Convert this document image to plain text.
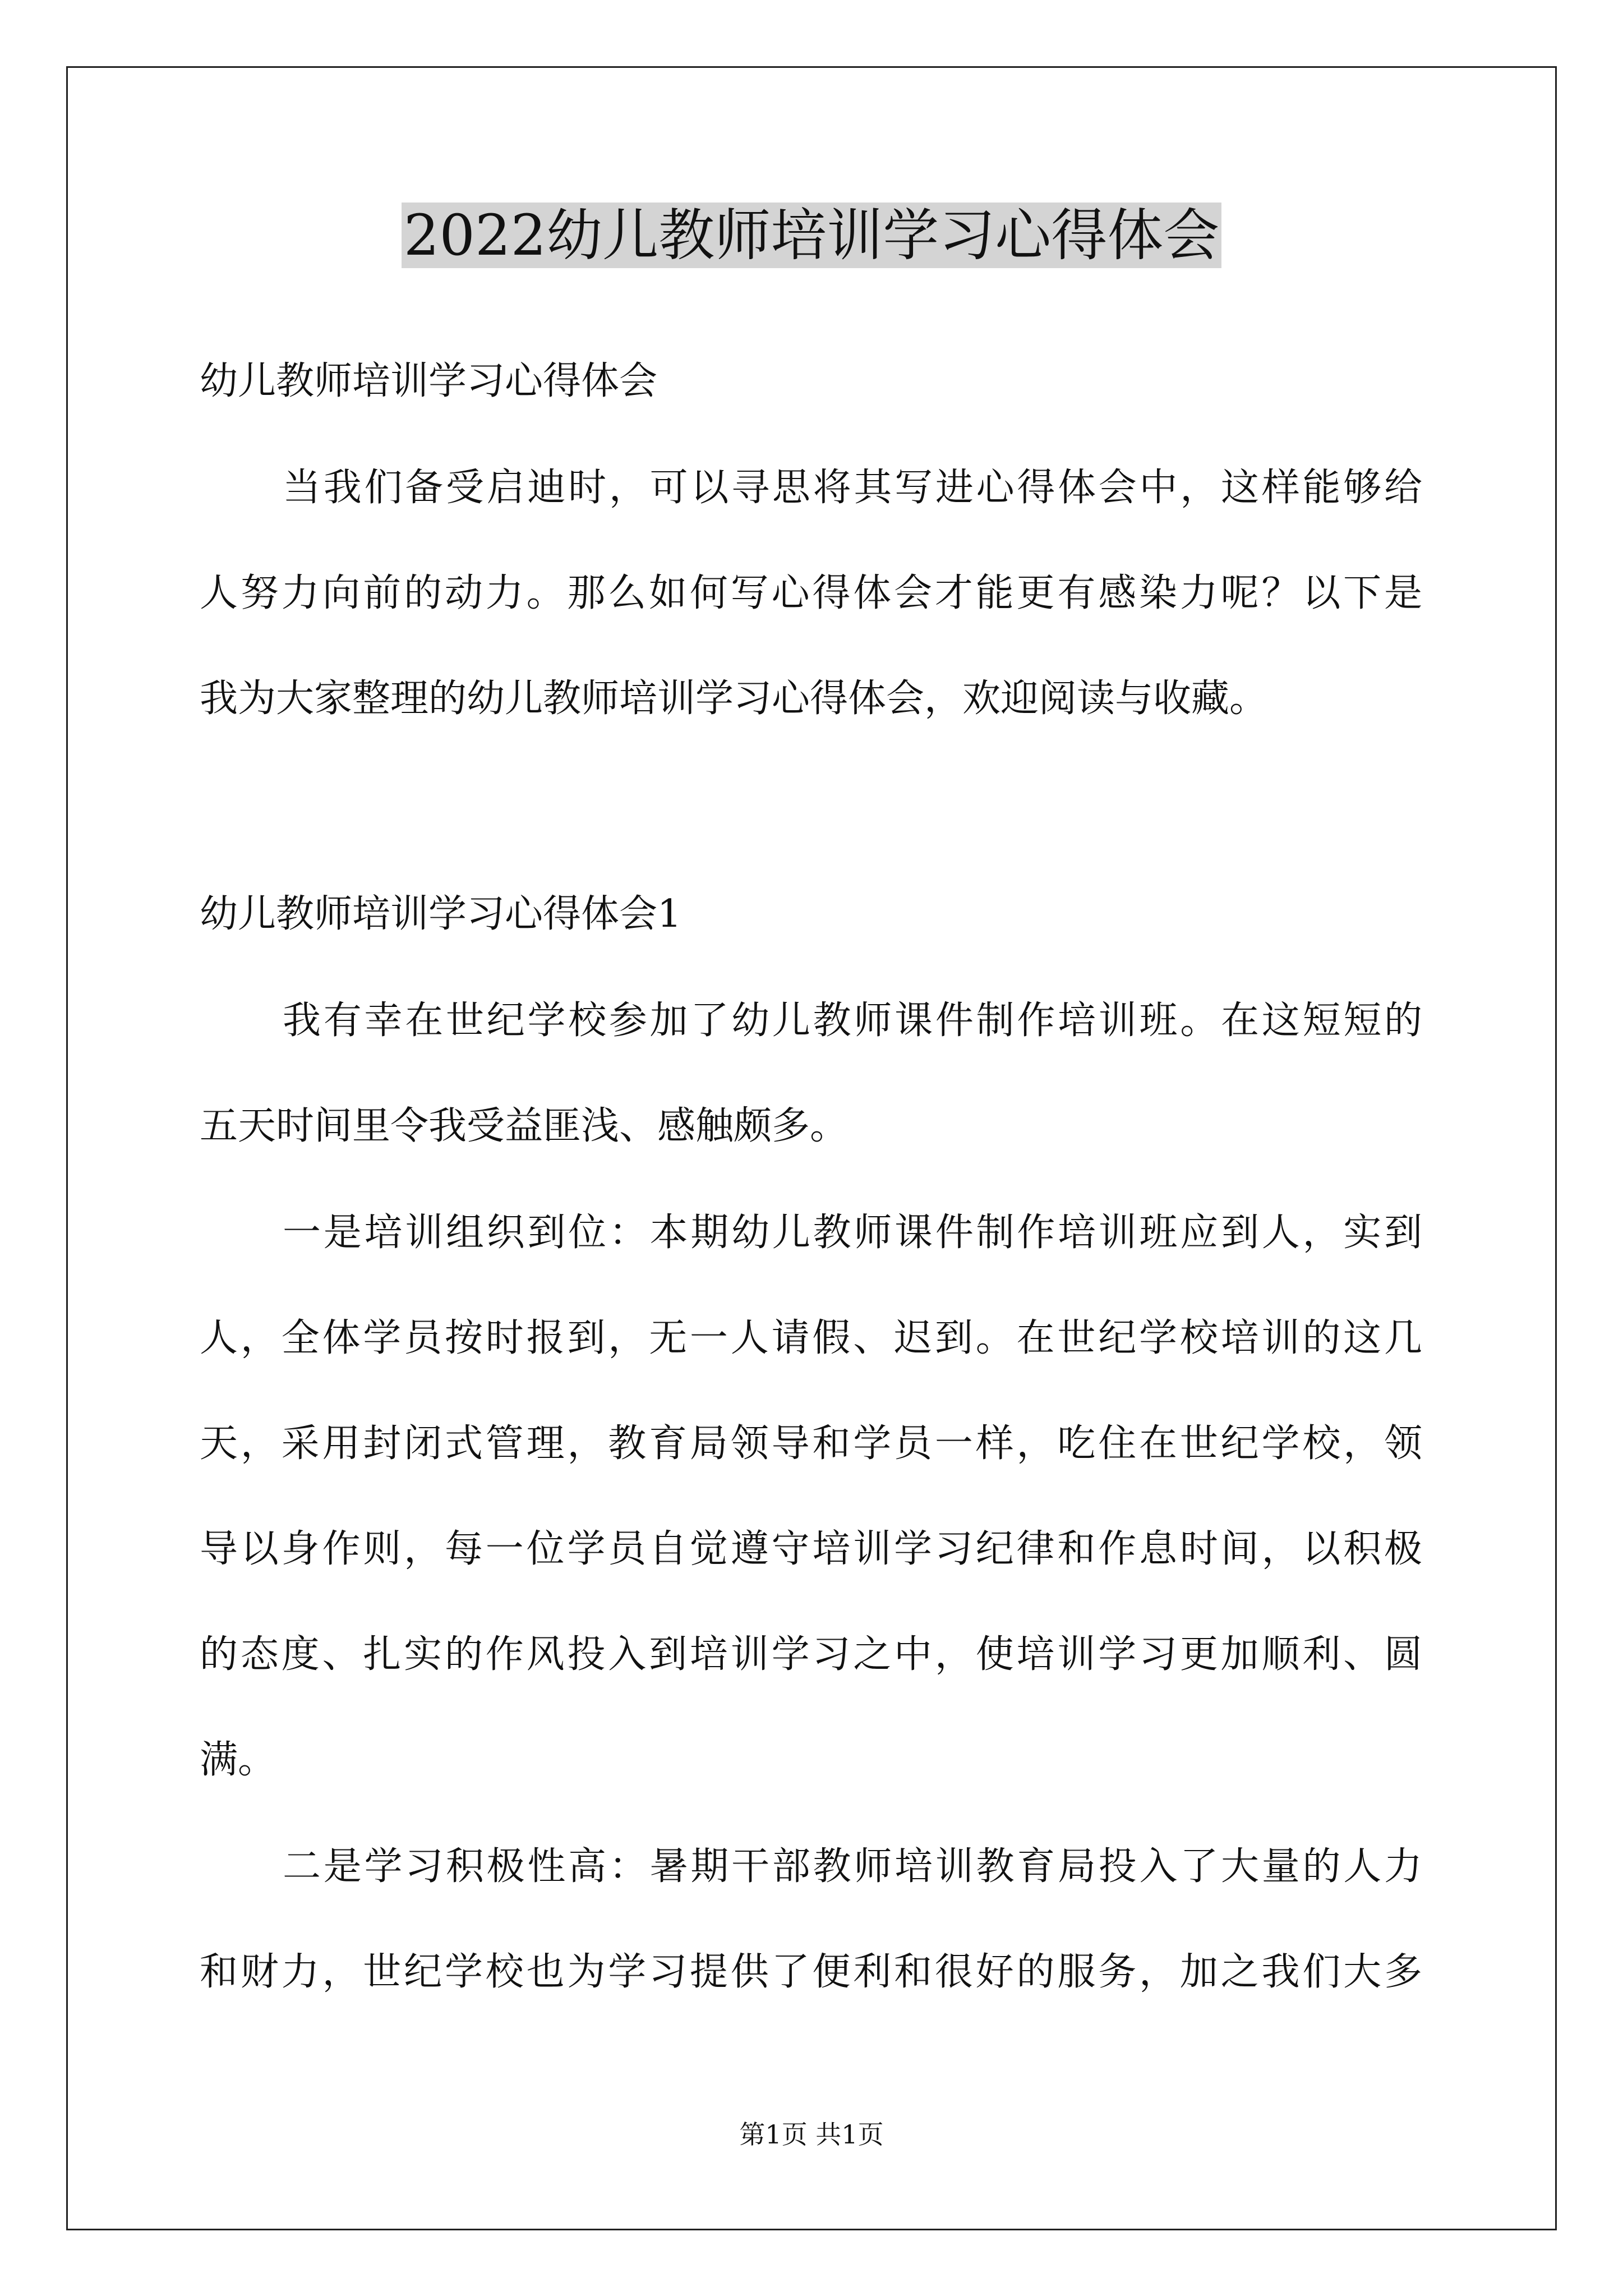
2022幼儿教师培训学习心得体会
幼儿教师培训学习心得体会
当我们备受启迪时，可以寻思将其写进心得体会中，这样能够给
人努力向前的动力。那么如何写心得体会才能更有感染力呢？以下是
我为大家整理的幼儿教师培训学习心得体会，欢迎阅读与收藏。
幼儿教师培训学习心得体会1
我有幸在世纪学校参加了幼儿教师课件制作培训班。在这短短的
五天时间里令我受益匪浅、感触颇多。
一是培训组织到位：本期幼儿教师课件制作培训班应到人，实到
人，全体学员按时报到，无一人请假、迟到。在世纪学校培训的这几
天，采用封闭式管理，教育局领导和学员一样，吃住在世纪学校，领
导以身作则，每一位学员自觉遵守培训学习纪律和作息时间，以积极
的态度、扎实的作风投入到培训学习之中，使培训学习更加顺利、圆
满。
二是学习积极性高：暑期干部教师培训教育局投入了大量的人力
和财力，世纪学校也为学习提供了便利和很好的服务，加之我们大多
第1页 共1页
